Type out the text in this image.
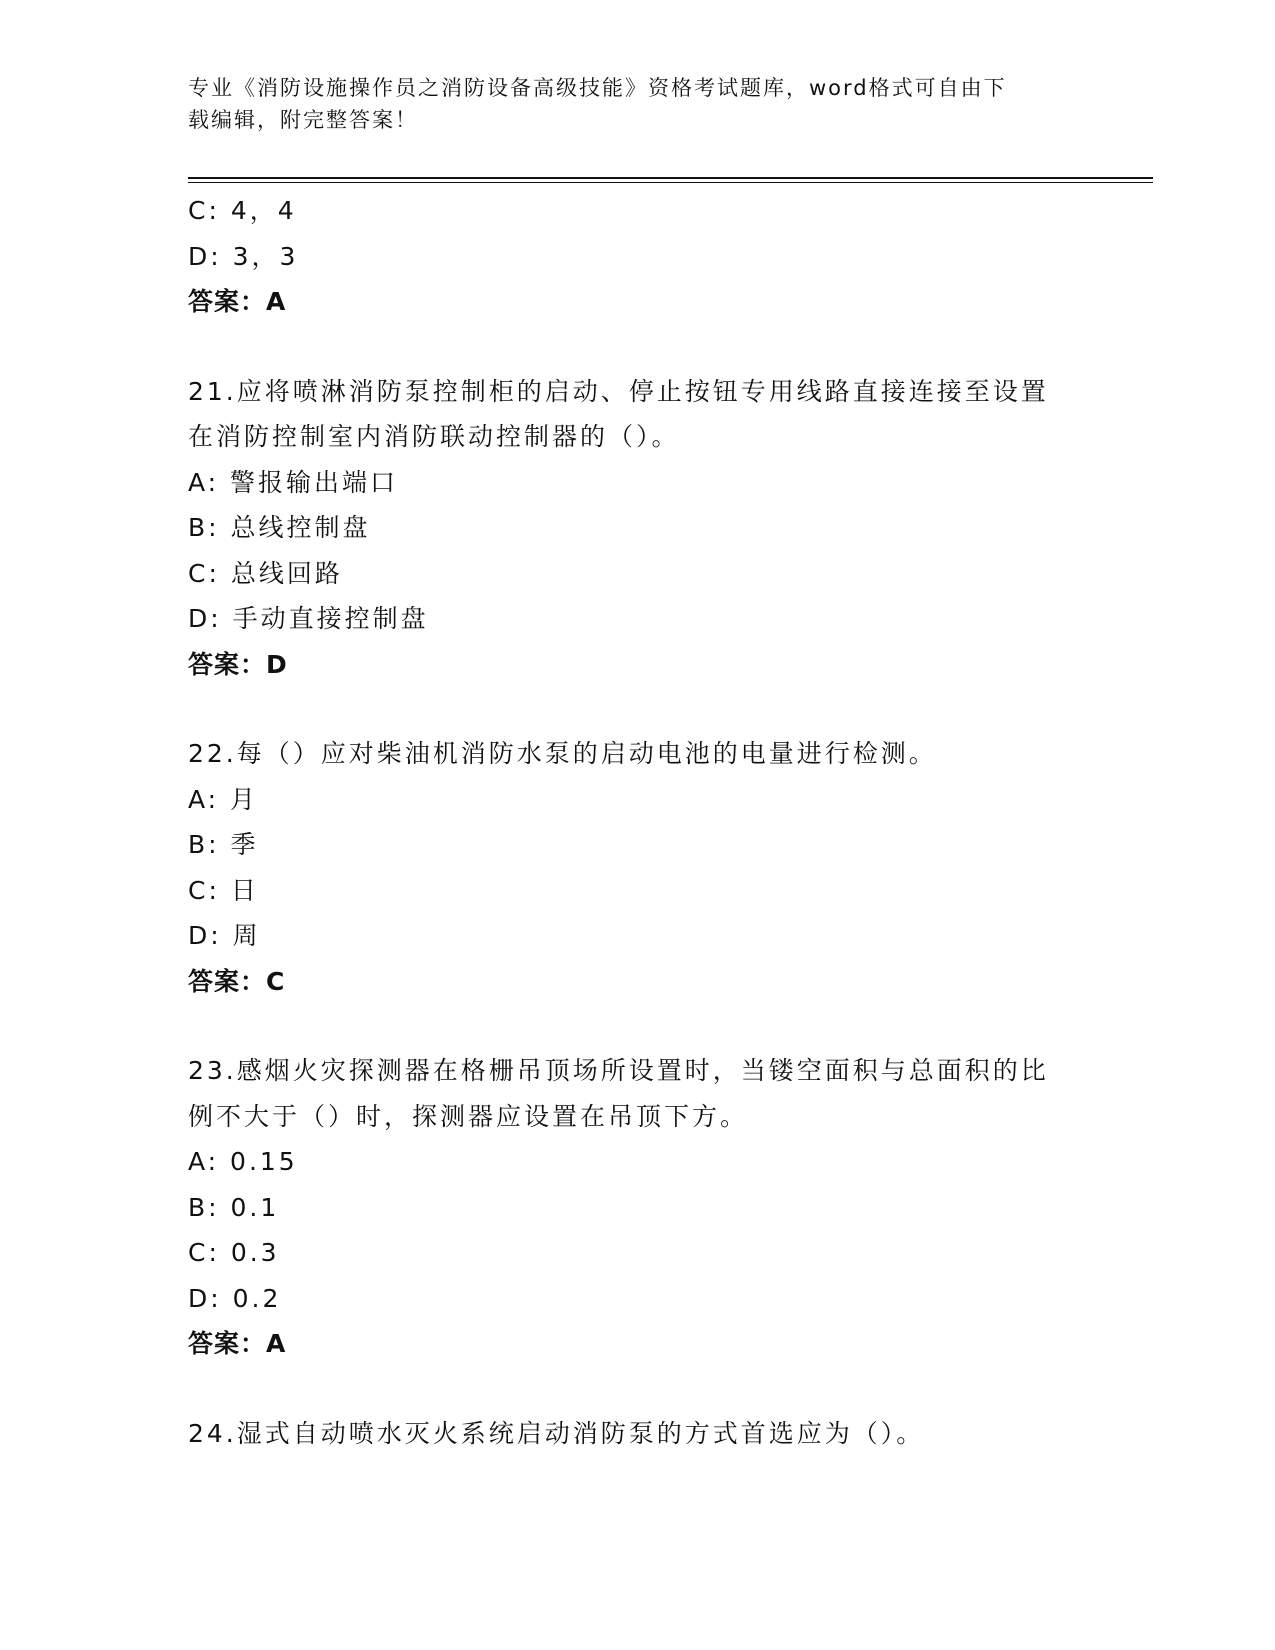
专业《消防设施操作员之消防设备高级技能》资格考试题库，word格式可自由下
载编辑，附完整答案！
C: 4，4
D: 3，3
答案：A
21.应将喷淋消防泵控制柜的启动、停止按钮专用线路直接连接至设置
在消防控制室内消防联动控制器的（）。
A: 警报输出端口
B: 总线控制盘
C: 总线回路
D: 手动直接控制盘
答案：D
22.每（）应对柴油机消防水泵的启动电池的电量进行检测。
A: 月
B: 季
C: 日
D: 周
答案：C
23.感烟火灾探测器在格栅吊顶场所设置时，当镂空面积与总面积的比
例不大于（）时，探测器应设置在吊顶下方。
A: 0.15
B: 0.1
C: 0.3
D: 0.2
答案：A
24.湿式自动喷水灭火系统启动消防泵的方式首选应为（）。
